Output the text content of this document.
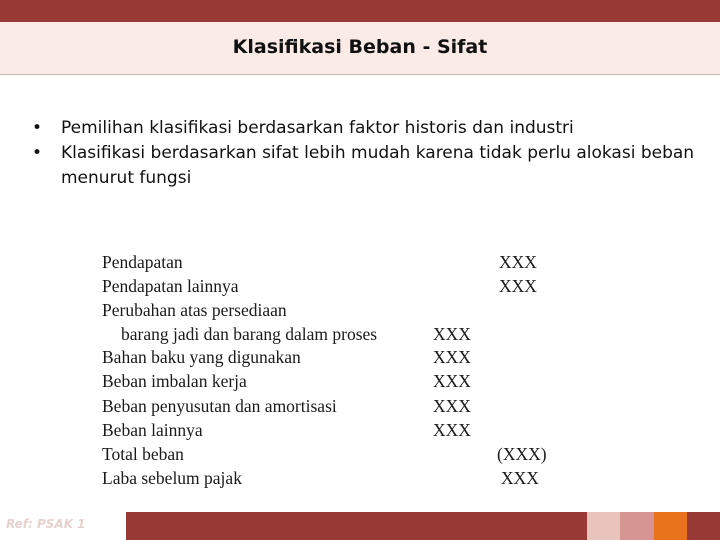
Klasifikasi Beban - Sifat
• Pemilihan klasifikasi berdasarkan faktor historis dan industri
• Klasifikasi berdasarkan sifat lebih mudah karena tidak perlu alokasi beban menurut fungsi
Pendapatan	XXX
Pendapatan lainnya	XXX
Perubahan atas persediaan
barang jadi dan barang dalam proses	XXX
Bahan baku yang digunakan	XXX
Beban imbalan kerja	XXX
Beban penyusutan dan amortisasi	XXX
Beban lainnya	XXX
Total beban	(XXX)
Laba sebelum pajak	XXX
Ref: PSAK 1
